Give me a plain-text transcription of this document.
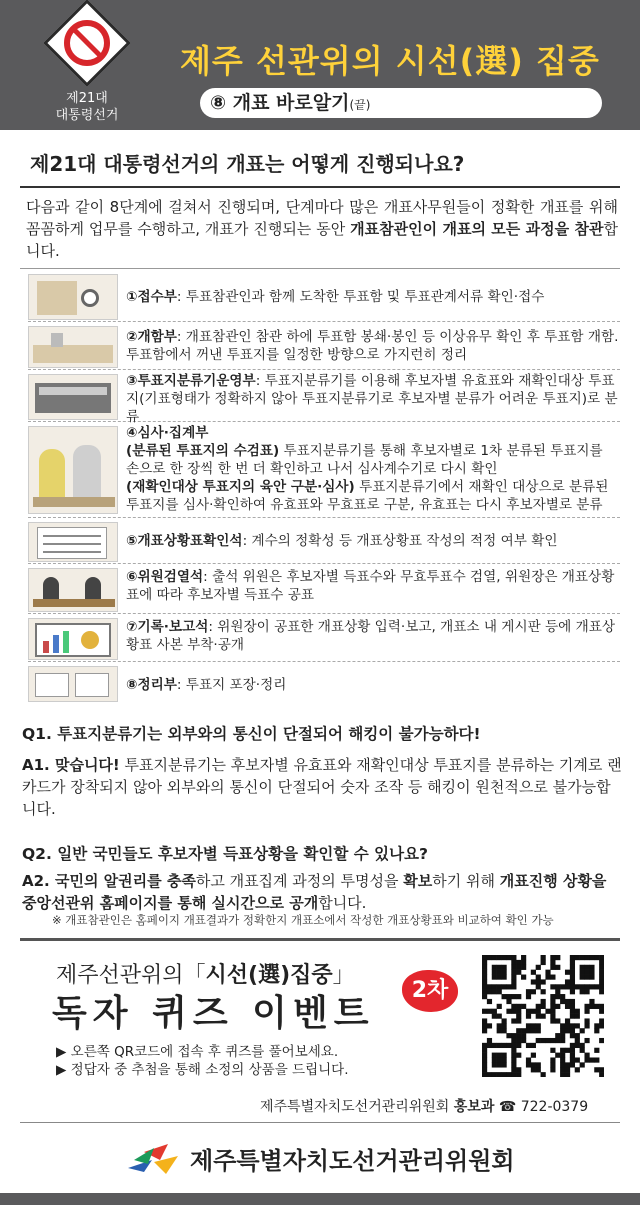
제21대
대통령선거
제주 선관위의 시선(選) 집중
⑧ 개표 바로알기(끝)
제21대 대통령선거의 개표는 어떻게 진행되나요?
다음과 같이 8단계에 걸쳐서 진행되며, 단계마다 많은 개표사무원들이 정확한 개표를 위해 꼼꼼하게 업무를 수행하고, 개표가 진행되는 동안 개표참관인이 개표의 모든 과정을 참관합니다.
①접수부: 투표참관인과 함께 도착한 투표함 및 투표관계서류 확인·접수
②개함부: 개표참관인 참관 하에 투표함 봉쇄·봉인 등 이상유무 확인 후 투표함 개함. 투표함에서 꺼낸 투표지를 일정한 방향으로 가지런히 정리
③투표지분류기운영부: 투표지분류기를 이용해 후보자별 유효표와 재확인대상 투표지(기표형태가 정확하지 않아 투표지분류기로 후보자별 분류가 어려운 투표지)로 분류
④심사·집계부
(분류된 투표지의 수검표) 투표지분류기를 통해 후보자별로 1차 분류된 투표지를 손으로 한 장씩 한 번 더 확인하고 나서 심사계수기로 다시 확인
(재확인대상 투표지의 육안 구분·심사) 투표지분류기에서 재확인 대상으로 분류된 투표지를 심사·확인하여 유효표와 무효표로 구분, 유효표는 다시 후보자별로 분류
⑤개표상황표확인석: 계수의 정확성 등 개표상황표 작성의 적정 여부 확인
⑥위원검열석: 출석 위원은 후보자별 득표수와 무효투표수 검열, 위원장은 개표상황표에 따라 후보자별 득표수 공표
⑦기록·보고석: 위원장이 공표한 개표상황 입력·보고, 개표소 내 게시판 등에 개표상황표 사본 부착·공개
⑧정리부: 투표지 포장·정리
Q1. 투표지분류기는 외부와의 통신이 단절되어 해킹이 불가능하다!
A1. 맞습니다! 투표지분류기는 후보자별 유효표와 재확인대상 투표지를 분류하는 기계로 랜카드가 장착되지 않아 외부와의 통신이 단절되어 숫자 조작 등 해킹이 원천적으로 불가능합니다.
Q2. 일반 국민들도 후보자별 득표상황을 확인할 수 있나요?
A2. 국민의 알권리를 충족하고 개표집계 과정의 투명성을 확보하기 위해 개표진행 상황을 중앙선관위 홈페이지를 통해 실시간으로 공개합니다.
※ 개표참관인은 홈페이지 개표결과가 정확한지 개표소에서 작성한 개표상황표와 비교하여 확인 가능
제주선관위의「시선(選)집중」
독자 퀴즈 이벤트
2차
▶ 오른쪽 QR코드에 접속 후 퀴즈를 풀어보세요.
▶ 정답자 중 추첨을 통해 소정의 상품을 드립니다.
제주특별자치도선거관리위원회 홍보과 ☎ 722-0379
제주특별자치도선거관리위원회
